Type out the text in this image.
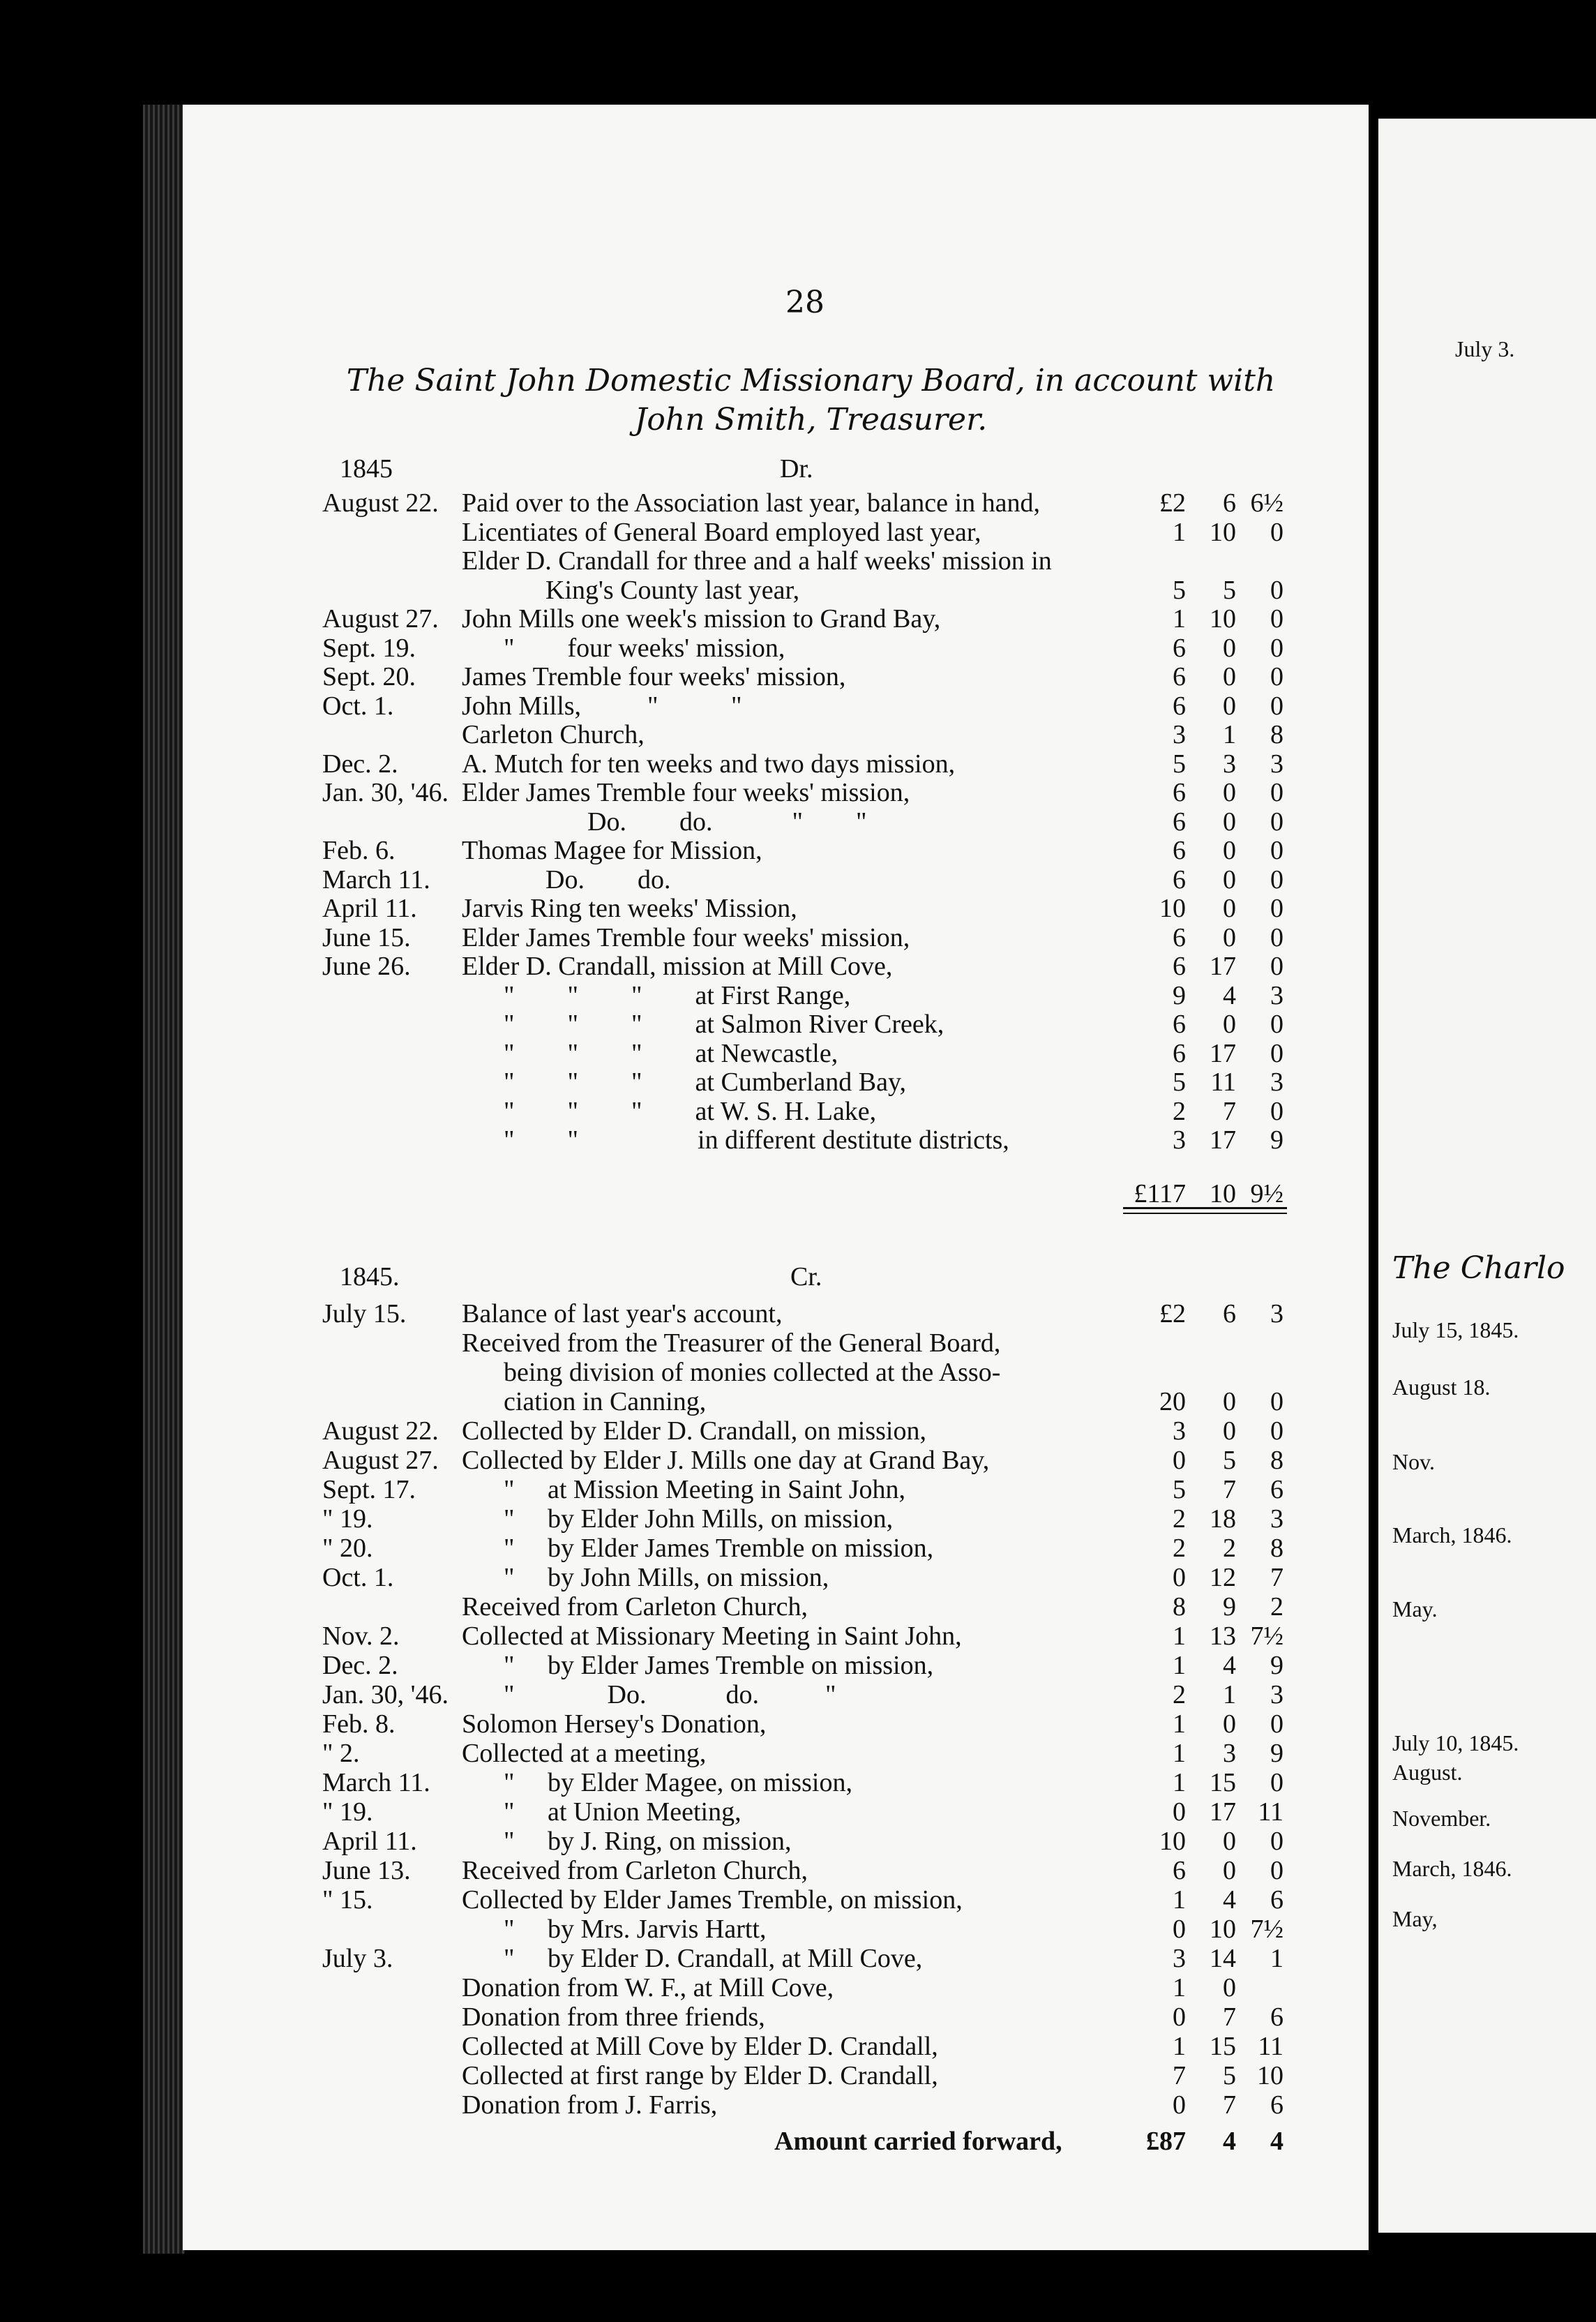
28
The Saint John Domestic Missionary Board, in account with
John Smith, Treasurer.
1845	Dr.
August 22. Paid over to the Association last year, balance in hand,	£2	6 6½
Licentiates of General Board employed last year,	1 10	0
Elder D. Crandall for three and a half weeks' mission in
King's County last year,	5	5	0
August 27. John Mills one week's mission to Grand Bay,	1 10	0
Sept. 19.	"        four weeks' mission,	6	0	0
Sept. 20. James Tremble four weeks' mission,	6	0	0
Oct. 1.	John Mills,          "           "	6	0	0
Carleton Church,	3	1	8
Dec. 2. A. Mutch for ten weeks and two days mission,	5	3	3
Jan. 30, '46. Elder James Tremble four weeks' mission,	6	0	0
Do.        do.            "        "	6	0	0
Feb. 6.	Thomas Magee for Mission,	6	0	0
March 11.	Do.        do.	6	0	0
April 11. Jarvis Ring ten weeks' Mission,	10	0	0
June 15. Elder James Tremble four weeks' mission,	6	0	0
June 26. Elder D. Crandall, mission at Mill Cove,	6 17	0
"        "        "        at First Range,	9	4	3
"        "        "        at Salmon River Creek,	6	0	0
"        "        "        at Newcastle,	6 17	0
"        "        "        at Cumberland Bay,	5 11	3
"        "        "        at W. S. H. Lake,	2	7	0
"        "                  in different destitute districts,	3 17	9
£117 10 9½
1845.	Cr.
July 15. Balance of last year's account,	£2	6	3
Received from the Treasurer of the General Board,
being division of monies collected at the Asso-
ciation in Canning,	20	0	0
August 22. Collected by Elder D. Crandall, on mission,	3	0	0
August 27. Collected by Elder J. Mills one day at Grand Bay,	0	5	8
Sept. 17.	"     at Mission Meeting in Saint John,	5	7	6
" 19.	"     by Elder John Mills, on mission,	2 18	3
" 20.	"     by Elder James Tremble on mission,	2	2	8
Oct. 1.	"     by John Mills, on mission,	0 12	7
Received from Carleton Church,	8	9	2
Nov. 2. Collected at Missionary Meeting in Saint John,	1 13 7½
Dec. 2.	"     by Elder James Tremble on mission,	1	4	9
Jan. 30, '46. "              Do.            do.          "	2	1	3
Feb. 8.	Solomon Hersey's Donation,	1	0	0
" 2.	Collected at a meeting,	1	3	9
March 11.	"     by Elder Magee, on mission,	1 15	0
" 19.	"     at Union Meeting,	0 17 11
April 11.	"     by J. Ring, on mission,	10	0	0
June 13. Received from Carleton Church,	6	0	0
" 15.	Collected by Elder James Tremble, on mission,	1	4	6
"     by Mrs. Jarvis Hartt,	0 10 7½
July 3.	"     by Elder D. Crandall, at Mill Cove,	3 14	1
Donation from W. F., at Mill Cove,	1	0
Donation from three friends,	0	7	6
Collected at Mill Cove by Elder D. Crandall,	1 15 11
Collected at first range by Elder D. Crandall,	7	5 10
Donation from J. Farris,	0	7	6
Amount carried forward,	£87	4	4
July 3.
The Charlo
July 15, 1845.
August 18.
Nov.
March, 1846.
May.
July 10, 1845.
August.
November.
March, 1846.
May,
